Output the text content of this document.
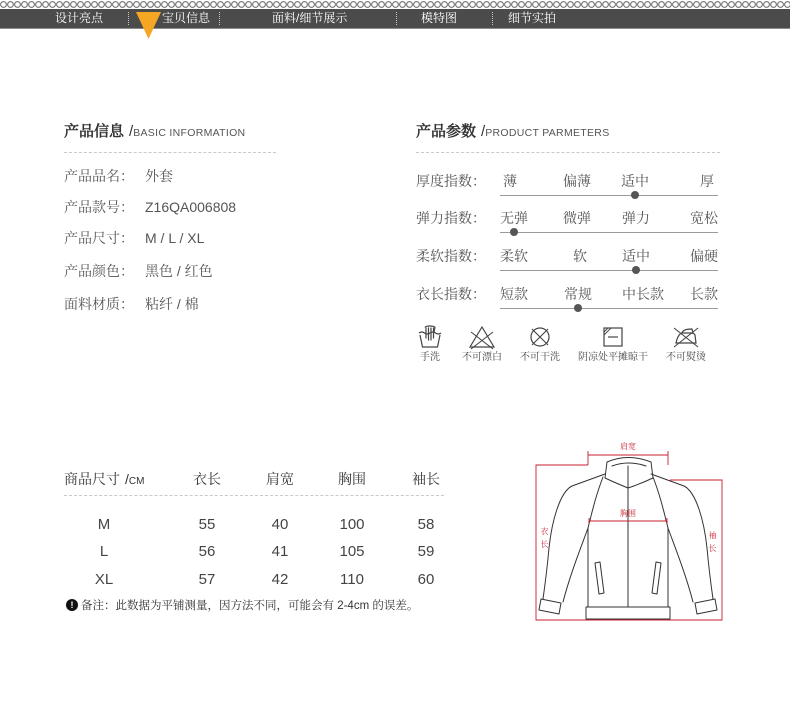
设计亮点	宝贝信息	面料/细节展示	模特图	细节实拍
产品信息 /BASIC INFORMATION
产品品名： 外套
产品款号： Z16QA006808
产品尺寸： M / L / XL
产品颜色： 黑色 / 红色
面料材质： 粘纤 / 棉
产品参数 /PRODUCT PARMETERS
厚度指数：	薄	偏薄	适中	厚
弹力指数：	无弹	微弹	弹力	宽松
柔软指数：	柔软	软	适中	偏硬
衣长指数：	短款	常规	中长款	长款
手洗	不可漂白	不可干洗	阴凉处平摊晾干	不可熨烫
商品尺寸 /CM	衣长	肩宽	胸围	袖长
M	55	40	100	58
L	56	41	105	59
XL	57	42	110	60
! 备注：此数据为平铺测量，因方法不同，可能会有 2-4cm 的误差。
肩宽
胸围
衣长	袖长
